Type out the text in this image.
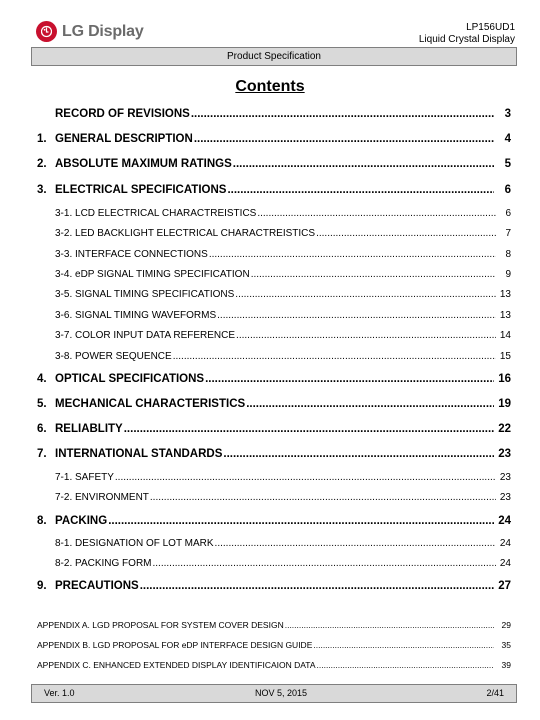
LG Display	LP156UD1
Liquid Crystal Display
Product Specification
Contents
RECORD OF REVISIONS .....	3
1. GENERAL DESCRIPTION .....	4
2. ABSOLUTE MAXIMUM RATINGS .....	5
3. ELECTRICAL SPECIFICATIONS .....	6
3-1. LCD ELECTRICAL CHARACTREISTICS .....	6
3-2. LED BACKLIGHT ELECTRICAL CHARACTREISTICS .....	7
3-3. INTERFACE CONNECTIONS .....	8
3-4. eDP SIGNAL TIMING SPECIFICATION .....	9
3-5. SIGNAL TIMING SPECIFICATIONS .....	13
3-6. SIGNAL TIMING WAVEFORMS .....	13
3-7. COLOR INPUT DATA REFERENCE .....	14
3-8. POWER SEQUENCE .....	15
4. OPTICAL SPECIFICATIONS .....	16
5. MECHANICAL CHARACTERISTICS .....	19
6. RELIABLITY .....	22
7. INTERNATIONAL STANDARDS .....	23
7-1. SAFETY .....	23
7-2. ENVIRONMENT .....	23
8. PACKING .....	24
8-1. DESIGNATION OF LOT MARK .....	24
8-2. PACKING FORM .....	24
9. PRECAUTIONS .....	27
APPENDIX A. LGD PROPOSAL FOR SYSTEM COVER DESIGN .....	29
APPENDIX B. LGD PROPOSAL FOR eDP INTERFACE DESIGN GUIDE .....	35
APPENDIX C. ENHANCED EXTENDED DISPLAY IDENTIFICAION DATA .....	39
Ver. 1.0	NOV 5, 2015	2/41
